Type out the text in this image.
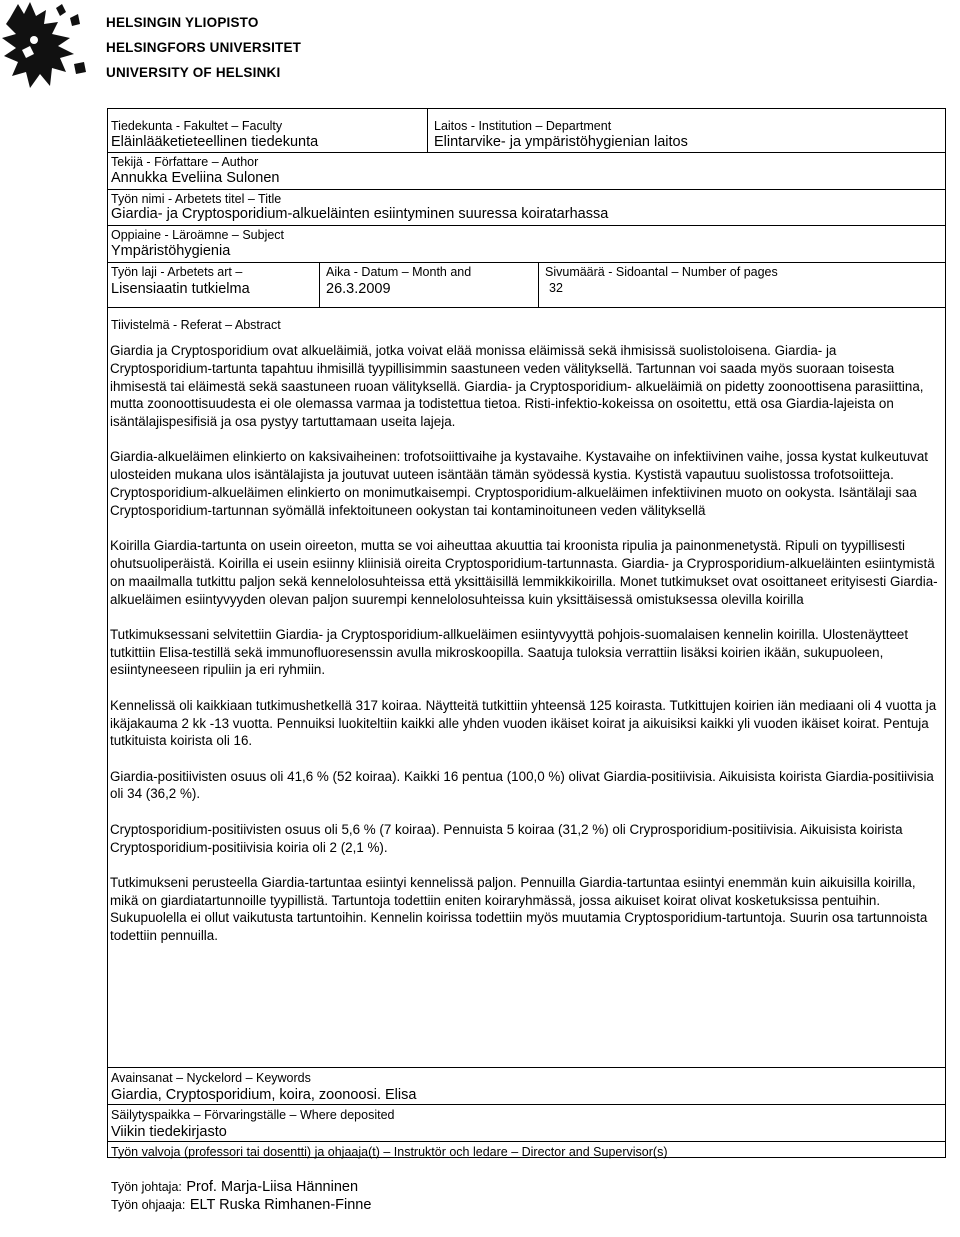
HELSINGIN YLIOPISTO
HELSINGFORS UNIVERSITET
UNIVERSITY OF HELSINKI
Tiedekunta - Fakultet – Faculty
Eläinlääketieteellinen tiedekunta
Laitos - Institution – Department
Elintarvike- ja ympäristöhygienian laitos
Tekijä - Författare – Author
Annukka Eveliina Sulonen
Työn nimi - Arbetets titel – Title
Giardia- ja Cryptosporidium-alkueläinten esiintyminen suuressa koiratarhassa
Oppiaine - Läroämne – Subject
Ympäristöhygienia
Työn laji - Arbetets art –
Lisensiaatin tutkielma
Aika - Datum – Month and
26.3.2009
Sivumäärä - Sidoantal – Number of pages
32
Tiivistelmä - Referat – Abstract

Giardia ja Cryptosporidium ovat alkueläimiä, jotka voivat elää monissa eläimissä sekä ihmisissä suolistoloisena. Giardia- ja Cryptosporidium-tartunta tapahtuu ihmisillä tyypillisimmin saastuneen veden välityksellä. Tartunnan voi saada myös suoraan toisesta ihmisestä tai eläimestä sekä saastuneen ruoan välityksellä. Giardia- ja Cryptosporidium- alkueläimiä on pidetty zoonoottisena parasiittina, mutta zoonoottisuudesta ei ole olemassa varmaa ja todistettua tietoa. Risti-infektio-kokeissa on osoitettu, että osa Giardia-lajeista on isäntälajispesifisiä ja osa pystyy tartuttamaan useita lajeja.

Giardia-alkueläimen elinkierto on kaksivaiheinen: trofotsoiittivaihe ja kystavaihe. Kystavaihe on infektiivinen vaihe, jossa kystat kulkeutuvat ulosteiden mukana ulos isäntälajista ja joutuvat uuteen isäntään tämän syödessä kystia. Kystistä vapautuu suolistossa trofotsoiitteja. Cryptosporidium-alkueläimen elinkierto on monimutkaisempi. Cryptosporidium-alkueläimen infektiivinen muoto on ookysta. Isäntälaji saa Cryptosporidium-tartunnan syömällä infektoituneen ookystan tai kontaminoituneen veden välityksellä

Koirilla Giardia-tartunta on usein oireeton, mutta se voi aiheuttaa akuuttia tai kroonista ripulia ja painonmenetystä. Ripuli on tyypillisesti ohutsuoliperäistä. Koirilla ei usein esiinny kliinisiä oireita Cryptosporidium-tartunnasta. Giardia- ja Cryprosporidium-alkueläinten esiintymistä on maailmalla tutkittu paljon sekä kennelolosuhteissa että yksittäisillä lemmikkikoirilla. Monet tutkimukset ovat osoittaneet erityisesti Giardia-alkueläimen esiintyvyyden olevan paljon suurempi kennelolosuhteissa kuin yksittäisessä omistuksessa olevilla koirilla

Tutkimuksessani selvitettiin Giardia- ja Cryptosporidium-allkueläimen esiintyvyyttä pohjois-suomalaisen kennelin koirilla. Ulostenäytteet tutkittiin Elisa-testillä sekä immunofluoresenssin avulla mikroskoopilla. Saatuja tuloksia verrattiin lisäksi koirien ikään, sukupuoleen, esiintyneeseen ripuliin ja eri ryhmiin.

Kennelissä oli kaikkiaan tutkimushetkellä 317 koiraa. Näytteitä tutkittiin yhteensä 125 koirasta. Tutkittujen koirien iän mediaani oli 4 vuotta ja ikäjakauma 2 kk -13 vuotta. Pennuiksi luokiteltiin kaikki alle yhden vuoden ikäiset koirat ja aikuisiksi kaikki yli vuoden ikäiset koirat. Pentuja tutkituista koirista oli 16.

Giardia-positiivisten osuus oli 41,6 % (52 koiraa). Kaikki 16 pentua (100,0 %) olivat Giardia-positiivisia. Aikuisista koirista Giardia-positiivisia oli 34 (36,2 %).

Cryptosporidium-positiivisten osuus oli 5,6 % (7 koiraa). Pennuista 5 koiraa (31,2 %) oli Cryprosporidium-positiivisia. Aikuisista koirista Cryptosporidium-positiivisia koiria oli 2 (2,1 %).

Tutkimukseni perusteella Giardia-tartuntaa esiintyi kennelissä paljon. Pennuilla Giardia-tartuntaa esiintyi enemmän kuin aikuisilla koirilla, mikä on giardiatartunnoille tyypillistä. Tartuntoja todettiin eniten koiraryhmässä, jossa aikuiset koirat olivat kosketuksissa pentuihin. Sukupuolella ei ollut vaikutusta tartuntoihin. Kennelin koirissa todettiin myös muutamia Cryptosporidium-tartuntoja. Suurin osa tartunnoista todettiin pennuilla.

Avainsanat – Nyckelord – Keywords
Giardia, Cryptosporidium, koira, zoonoosi. Elisa
Säilytyspaikka – Förvaringställe – Where deposited
Viikin tiedekirjasto
Työn valvoja (professori tai dosentti) ja ohjaaja(t) – Instruktör och ledare – Director and Supervisor(s)
Työn johtaja: Prof. Marja-Liisa Hänninen
Työn ohjaaja: ELT Ruska Rimhanen-Finne
